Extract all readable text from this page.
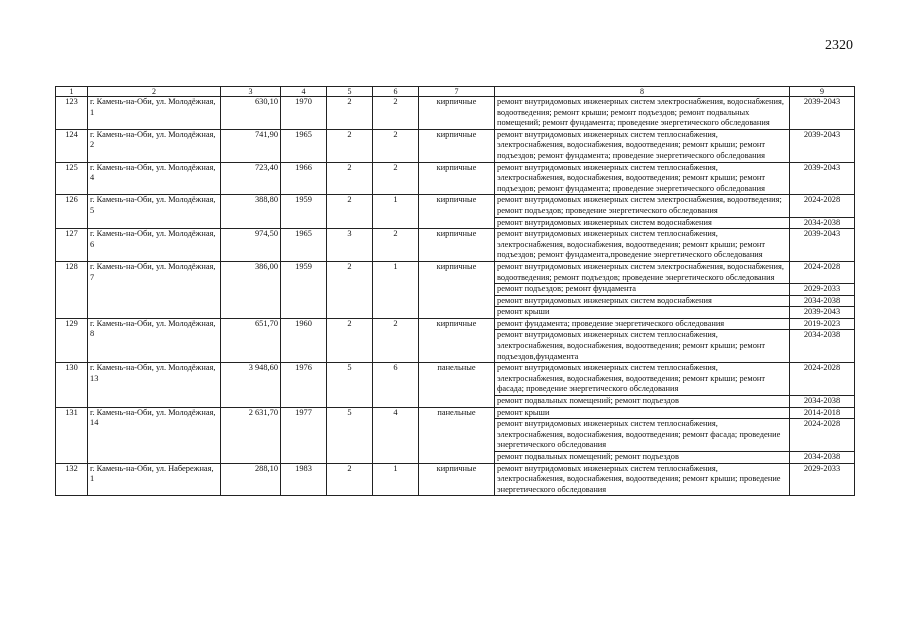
2320
1	2	3	4	5	6	7	8	9
123	г. Камень-на-Оби, ул. Молодёжная, 1	630,10	1970	2	2	кирпичные	ремонт внутридомовых инженерных систем электроснабжения, водоснабжения, водоотведения; ремонт крыши; ремонт подъездов; ремонт подвальных помещений; ремонт фундамента; проведение энергетического обследования	2039-2043
124	г. Камень-на-Оби, ул. Молодёжная, 2	741,90	1965	2	2	кирпичные	ремонт внутридомовых инженерных систем теплоснабжения, электроснабжения, водоснабжения, водоотведения; ремонт крыши; ремонт подъездов; ремонт фундамента; проведение энергетического обследования	2039-2043
125	г. Камень-на-Оби, ул. Молодёжная, 4	723,40	1966	2	2	кирпичные	ремонт внутридомовых инженерных систем теплоснабжения, электроснабжения, водоснабжения, водоотведения; ремонт крыши; ремонт подъездов; ремонт фундамента; проведение энергетического обследования	2039-2043
126	г. Камень-на-Оби, ул. Молодёжная, 5	388,80	1959	2	1	кирпичные	ремонт внутридомовых инженерных систем электроснабжения, водоотведения; ремонт подъездов; проведение энергетического обследования	2024-2028
							ремонт внутридомовых инженерных систем водоснабжения	2034-2038
127	г. Камень-на-Оби, ул. Молодёжная, 6	974,50	1965	3	2	кирпичные	ремонт внутридомовых инженерных систем теплоснабжения, электроснабжения, водоснабжения, водоотведения; ремонт крыши; ремонт подъездов; ремонт фундамента,проведение энергетического обследования	2039-2043
128	г. Камень-на-Оби, ул. Молодёжная, 7	386,00	1959	2	1	кирпичные	ремонт внутридомовых инженерных систем электроснабжения, водоснабжения, водоотведения; ремонт подъездов; проведение энергетического обследования	2024-2028
							ремонт подъездов; ремонт фундамента	2029-2033
							ремонт внутридомовых инженерных систем водоснабжения	2034-2038
							ремонт крыши	2039-2043
129	г. Камень-на-Оби, ул. Молодёжная, 8	651,70	1960	2	2	кирпичные	ремонт фундамента; проведение энергетического обследования	2019-2023
							ремонт внутридомовых инженерных систем теплоснабжения, электроснабжения, водоснабжения, водоотведения; ремонт крыши; ремонт подъездов,фундамента	2034-2038
130	г. Камень-на-Оби, ул. Молодёжная, 13	3 948,60	1976	5	6	панельные	ремонт внутридомовых инженерных систем теплоснабжения, электроснабжения, водоснабжения, водоотведения; ремонт крыши; ремонт фасада; проведение энергетического обследования	2024-2028
							ремонт подвальных помещений; ремонт подъездов	2034-2038
131	г. Камень-на-Оби, ул. Молодёжная, 14	2 631,70	1977	5	4	панельные	ремонт крыши	2014-2018
							ремонт внутридомовых инженерных систем теплоснабжения, электроснабжения, водоснабжения, водоотведения; ремонт фасада; проведение энергетического обследования	2024-2028
							ремонт подвальных помещений; ремонт подъездов	2034-2038
132	г. Камень-на-Оби, ул. Набережная, 1	288,10	1983	2	1	кирпичные	ремонт внутридомовых инженерных систем теплоснабжения, электроснабжения, водоснабжения, водоотведения; ремонт крыши; проведение энергетического обследования	2029-2033
